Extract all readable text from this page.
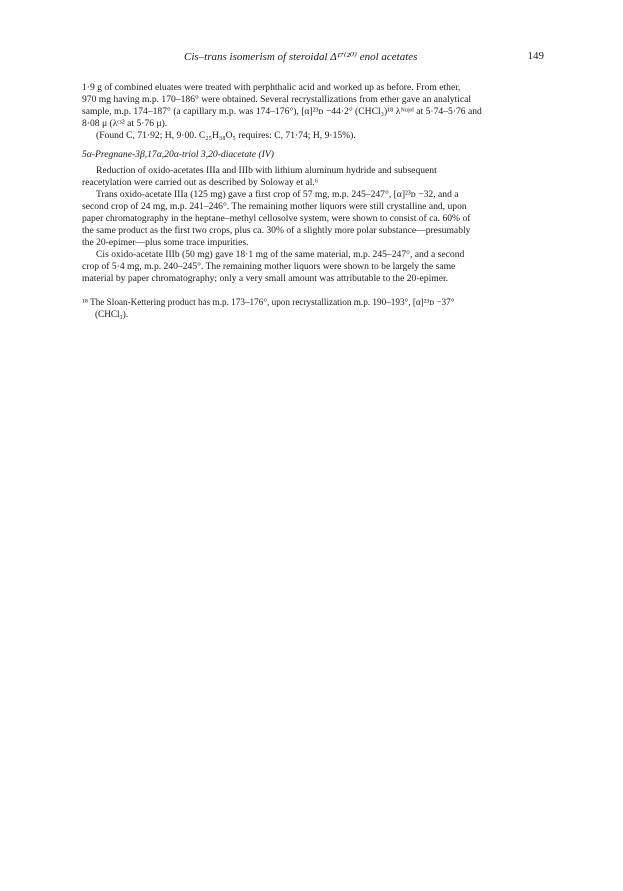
Cis–trans isomerism of steroidal Δ¹⁷⁽²⁰⁾ enol acetates	149

1·9 g of combined eluates were treated with perphthalic acid and worked up as before. From ether,
970 mg having m.p. 170–186° were obtained. Several recrystallizations from ether gave an analytical
sample, m.p. 174–187° (a capillary m.p. was 174–176°), [α]²³ᴅ −44·2° (CHCl₃)¹⁸ λᴺᵘʲᵒˡ at 5·74–5·76 and
8·08 μ (λᶜˢ² at 5·76 μ).
(Found C, 71·92; H, 9·00. C₂₅H₃₈O₅ requires: C, 71·74; H, 9·15%).

5α-Pregnane-3β,17α,20α-triol 3,20-diacetate (IV)

Reduction of oxido-acetates IIIa and IIIb with lithium aluminum hydride and subsequent
reacetylation were carried out as described by Soloway et al.⁶

Trans oxido-acetate IIIa (125 mg) gave a first crop of 57 mg, m.p. 245–247°, [α]²³ᴅ −32, and a
second crop of 24 mg, m.p. 241–246°. The remaining mother liquors were still crystalline and, upon
paper chromatography in the heptane–methyl cellosolve system, were shown to consist of ca. 60% of
the same product as the first two crops, plus ca. 30% of a slightly more polar substance—presumably
the 20-epimer—plus some trace impurities.

Cis oxido-acetate IIIb (50 mg) gave 18·1 mg of the same material, m.p. 245–247°, and a second
crop of 5·4 mg, m.p. 240–245°. The remaining mother liquors were shown to be largely the same
material by paper chromatography; only a very small amount was attributable to the 20-epimer.

¹⁸ The Sloan-Kettering product has m.p. 173–176°, upon recrystallization m.p. 190–193°, [α]²³ᴅ −37°
(CHCl₃).
